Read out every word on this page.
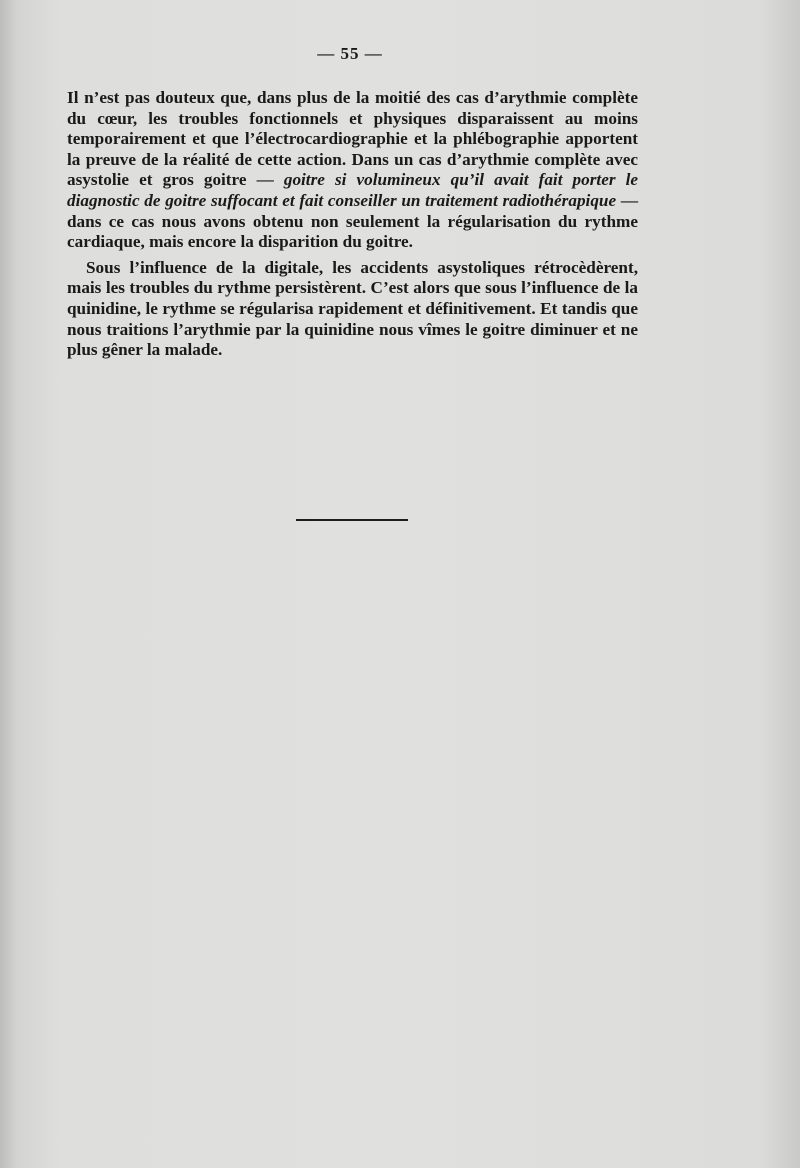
— 55 —

Il n’est pas douteux que, dans plus de la moitié des cas d’arythmie complète du cœur, les troubles fonctionnels et physiques disparaissent au moins temporairement et que l’électrocardiographie et la phlébographie apportent la preuve de la réalité de cette action. Dans un cas d’arythmie complète avec asystolie et gros goitre — goitre si volumineux qu’il avait fait porter le diagnostic de goitre suffocant et fait conseiller un traitement radiothérapique — dans ce cas nous avons obtenu non seulement la régularisation du rythme cardiaque, mais encore la disparition du goitre.

Sous l’influence de la digitale, les accidents asystoliques rétrocèdèrent, mais les troubles du rythme persistèrent. C’est alors que sous l’influence de la quinidine, le rythme se régularisa rapidement et définitivement. Et tandis que nous traitions l’arythmie par la quinidine nous vîmes le goitre diminuer et ne plus gêner la malade.
